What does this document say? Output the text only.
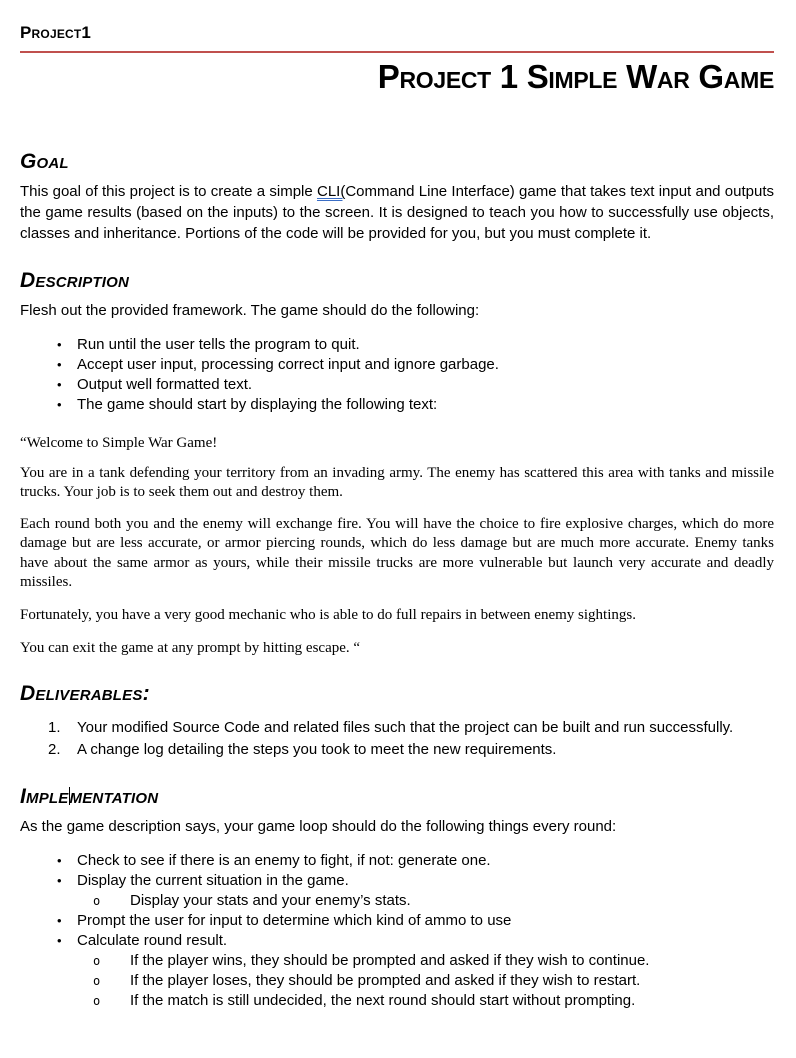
Project1
Project 1 Simple War Game
Goal

This goal of this project is to create a simple CLI(Command Line Interface) game that takes text input and outputs the game results (based on the inputs) to the screen. It is designed to teach you how to successfully use objects, classes and inheritance. Portions of the code will be provided for you, but you must complete it.

Description

Flesh out the provided framework. The game should do the following:

•	Run until the user tells the program to quit.
•	Accept user input, processing correct input and ignore garbage.
•	Output well formatted text.
•	The game should start by displaying the following text:

“Welcome to Simple War Game!

You are in a tank defending your territory from an invading army. The enemy has scattered this area with tanks and missile trucks. Your job is to seek them out and destroy them.

Each round both you and the enemy will exchange fire. You will have the choice to fire explosive charges, which do more damage but are less accurate, or armor piercing rounds, which do less damage but are much more accurate. Enemy tanks have about the same armor as yours, while their missile trucks are more vulnerable but launch very accurate and deadly missiles.

Fortunately, you have a very good mechanic who is able to do full repairs in between enemy sightings.

You can exit the game at any prompt by hitting escape. “

Deliverables:
1.	Your modified Source Code and related files such that the project can be built and run successfully.
2.	A change log detailing the steps you took to meet the new requirements.
Implementation

As the game description says, your game loop should do the following things every round:

•	Check to see if there is an enemy to fight, if not: generate one.
•	Display the current situation in the game.
o	Display your stats and your enemy’s stats.
•	Prompt the user for input to determine which kind of ammo to use
•	Calculate round result.
o	If the player wins, they should be prompted and asked if they wish to continue.
o	If the player loses, they should be prompted and asked if they wish to restart.
o	If the match is still undecided, the next round should start without prompting.
